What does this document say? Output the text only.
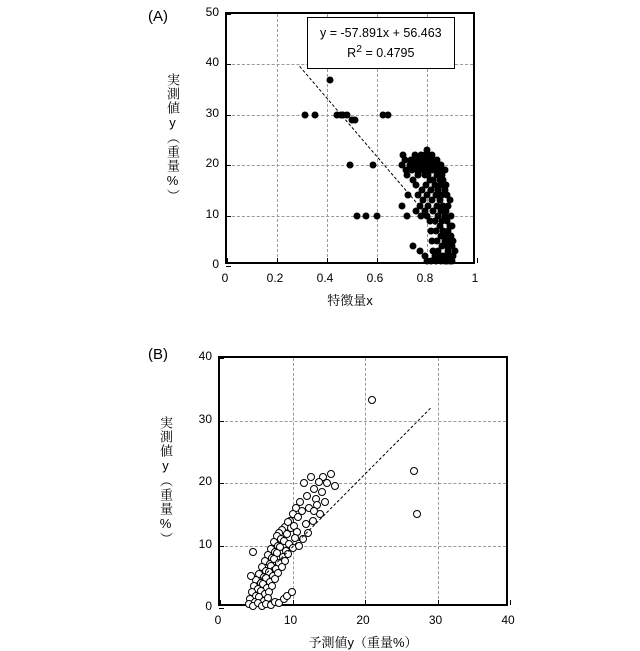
(A)
0	0.2	0.4	0.6	0.8	1
0
10
20
30
40
50
特徴量x
実測値y（重量%）
y = -57.891x + 56.463
$R^2 = 0.4795$
(B)
0	10	20	30	40
0
10
20
30
40
予測値y（重量%）
実測値y（重量%）
